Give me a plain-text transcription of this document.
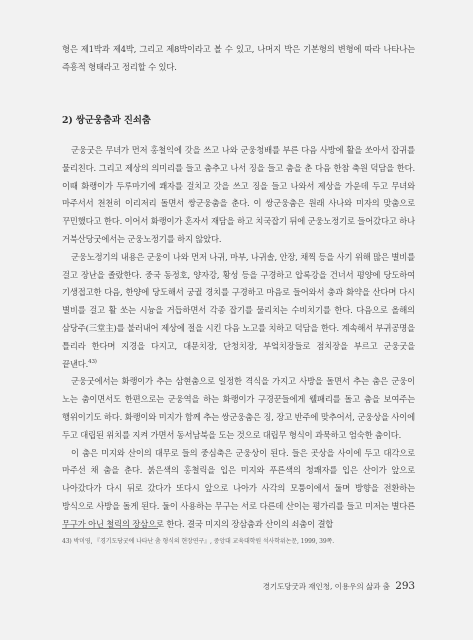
형은 제1박과 제4박, 그리고 제8박이라고 볼 수 있고, 나머지 박은 기본형의 변형에 따라 나타나는 즉흥적 형태라고 정리할 수 있다.

2) 쌍군웅춤과 진쇠춤

군웅굿은 무녀가 먼저 홍철익에 갓을 쓰고 나와 군웅청배를 부른 다음 사방에 활을 쏘아서 잡귀를 물리친다. 그리고 제상의 의미리를 들고 춤추고 나서 징을 들고 춤을 춘 다음 한참 축원 덕담을 한다. 이때 화랭이가 두루마기에 쾌자를 걸치고 갓을 쓰고 징을 들고 나와서 제상을 가운데 두고 무녀와 마주서서 천천히 이리저리 돌면서 쌍군웅춤을 춘다. 이 쌍군웅춤은 원래 사나와 미자의 맞춤으로 꾸민했다고 한다. 이어서 화랭이가 혼자서 재담을 하고 치국잡기 뒤에 군웅노정기로 들어갔다고 하나 거북산당굿에서는 군웅노정기를 하지 않았다.

군웅노정기의 내용은 군웅이 나와 먼저 나귀, 마부, 나귀솔, 안장, 채찍 등을 사기 위해 많은 별비를 걸고 장난을 졸랐한다. 중국 동정호, 양자강, 황성 등을 구경하고 압록강을 건너서 평양에 당도하여 기생접고한 다음, 한양에 당도해서 궁궐 경치를 구경하고 마음로 들어와서 충과 화약을 산다며 다시 별비를 걸고 활 쏘는 시늉을 거듭하면서 각종 잡기를 물리치는 수비치기를 한다. 다음으로 올해의 삼당주(三堂主)를 불러내어 제상에 절을 시킨 다음 노고를 치하고 덕담을 한다. 계속해서 부귀공명을 틀리라 한다며 지경을 다지고, 대문치장, 단청치장, 부엌치장들로 점치장을 부르고 군웅굿을 끝낸다.$^{43)}$

군웅굿에서는 화랭이가 추는 삼현춤으로 일정한 격식을 가지고 사방을 돌면서 추는 춤은 군웅이 노는 춤이면서도 한편으로는 군웅역을 하는 화랭이가 구경꾼들에게 웰패리를 돌고 춤을 보여주는 행위이기도 하다. 화랭이와 미지가 함께 추는 쌍군웅춤은 징, 장고 반주에 맞추어서, 군웅상을 사이에 두고 대립된 위치를 지켜 가면서 동서남북을 도는 것으로 대립무 형식이 과묵하고 엄숙한 춤이다.

이 춤은 미지와 산이의 대무로 들의 중심축은 군웅상이 된다. 들은 곳상을 사이에 두고 대각으로 마주선 채 춤을 춘다. 붉은색의 홍철릭을 입은 미지와 푸른색의 청쾌자를 입은 산이가 앞으로 나아갔다가 다시 뒤로 갔다가 또다시 앞으로 나아가 사각의 모퉁이에서 둘며 방향을 전환하는 방식으로 사방을 돌게 된다. 둘이 사용하는 무구는 서로 다른데 산이는 평가리를 들고 미저는 별다른 무구가 아닌 철릭의 장삼으로 한다. 결국 미지의 장삼춤과 산이의 쇠춤이 결합

43) 박미영, 『경기도당굿에 나타난 춤 형식의 현장연구』, 중앙대 교육대학원 석사학위논문, 1999, 39쪽.
경기도당굿과 재인청, 이용우의 삶과 춤 293
